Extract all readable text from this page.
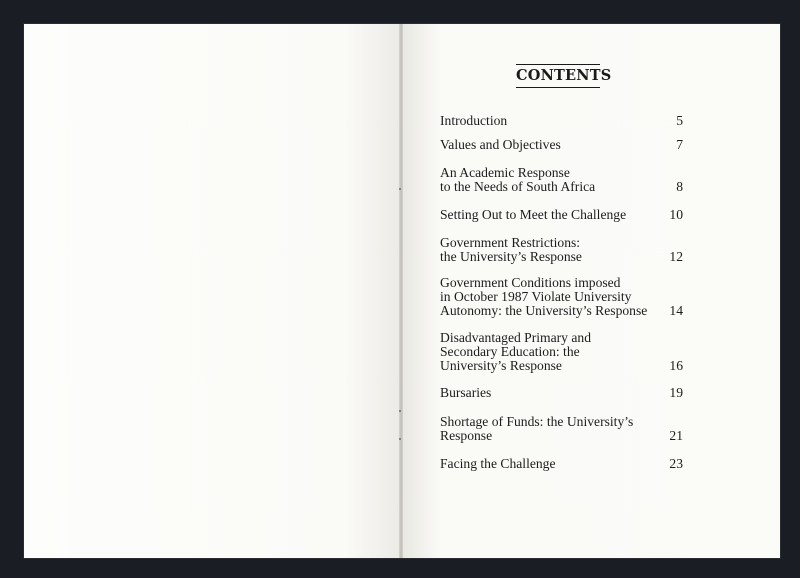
CONTENTS
Introduction	5
Values and Objectives	7
An Academic Response
to the Needs of South Africa	8
Setting Out to Meet the Challenge	10
Government Restrictions:
the University’s Response	12
Government Conditions imposed
in October 1987 Violate University
Autonomy: the University’s Response	14
Disadvantaged Primary and
Secondary Education: the
University’s Response	16
Bursaries	19
Shortage of Funds: the University’s
Response	21
Facing the Challenge	23
